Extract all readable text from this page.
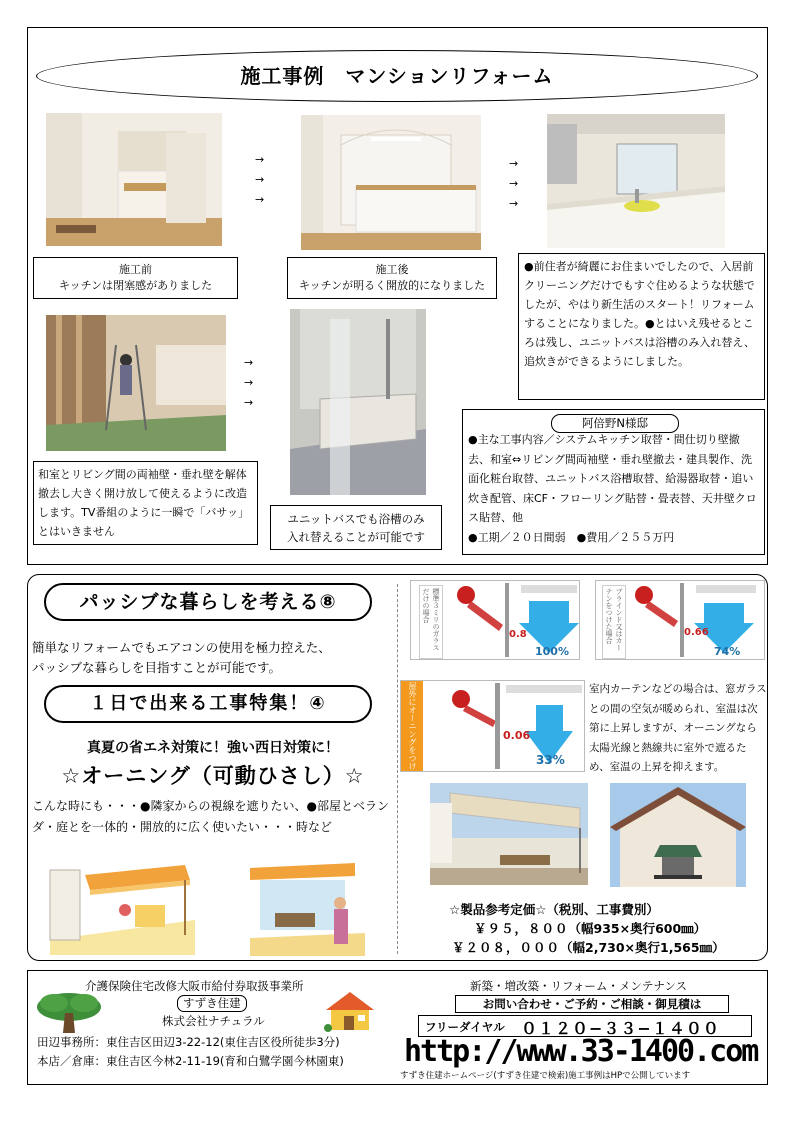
施工事例　マンションリフォーム
→
→
→
→
→
→
施工前
キッチンは閉塞感がありました
施工後
キッチンが明るく開放的になりました
●前住者が綺麗にお住まいでしたので、入居前クリーニングだけでもすぐ住めるような状態でしたが、やはり新生活のスタート！リフォームすることになりました。●とはいえ残せるところは残し、ユニットバスは浴槽のみ入れ替え、追炊きができるようにしました。
→
→
→
和室とリビング間の両袖壁・垂れ壁を解体撤去し大きく開け放して使えるように改造します。TV番組のように一瞬で「バサッ」とはいきません
ユニットバスでも浴槽のみ
入れ替えることが可能です
●主な工事内容／システムキッチン取替・間仕切り壁撤去、和室⇔リビング間両袖壁・垂れ壁撤去・建具製作、洗面化粧台取替、ユニットバス浴槽取替、給湯器取替・追い炊き配管、床CF・フローリング貼替・畳表替、天井壁クロス貼替、他
●工期／２０日間弱　●費用／２５５万円
阿倍野N様邸
パッシブな暮らしを考える⑧
簡単なリフォームでもエアコンの使用を極力控えた、
パッシブな暮らしを目指すことが可能です。
１日で出来る工事特集！④
真夏の省エネ対策に！強い西日対策に！
☆オーニング（可動ひさし）☆
こんな時にも・・・●隣家からの視線を遮りたい、●部屋とベランダ・庭とを一体的・開放的に広く使いたい・・・時など
標準３ミリのガラスだけの場合
0.8
100%
ブラインド又はカーテンをつけた場合	0.66
74%
屋外にオーニングをつけた場合	0.06
33%
室内カーテンなどの場合は、窓ガラスとの間の空気が暖められ、室温は次第に上昇しますが、オーニングなら太陽光線と熱線共に室外で遮るため、室温の上昇を抑えます。
☆製品参考定価☆（税別、工事費別）
￥９５，８００（幅935×奥行600㎜）
￥２０８，０００（幅2,730×奥行1,565㎜）
介護保険住宅改修大阪市給付券取扱事業所
すずき住建
株式会社ナチュラル
田辺事務所：東住吉区田辺3-22-12(東住吉区役所徒歩3分)
本店／倉庫：東住吉区今林2-11-19(育和白鷺学園今林園東)
新築・増改築・リフォーム・メンテナンス
お問い合わせ・ご予約・ご相談・御見積は
フリーダイヤル ０１２０−３３−１４００
http://www.33-1400.com
すずき住建ホームページ(すずき住建で検索)施工事例はHPで公開しています
